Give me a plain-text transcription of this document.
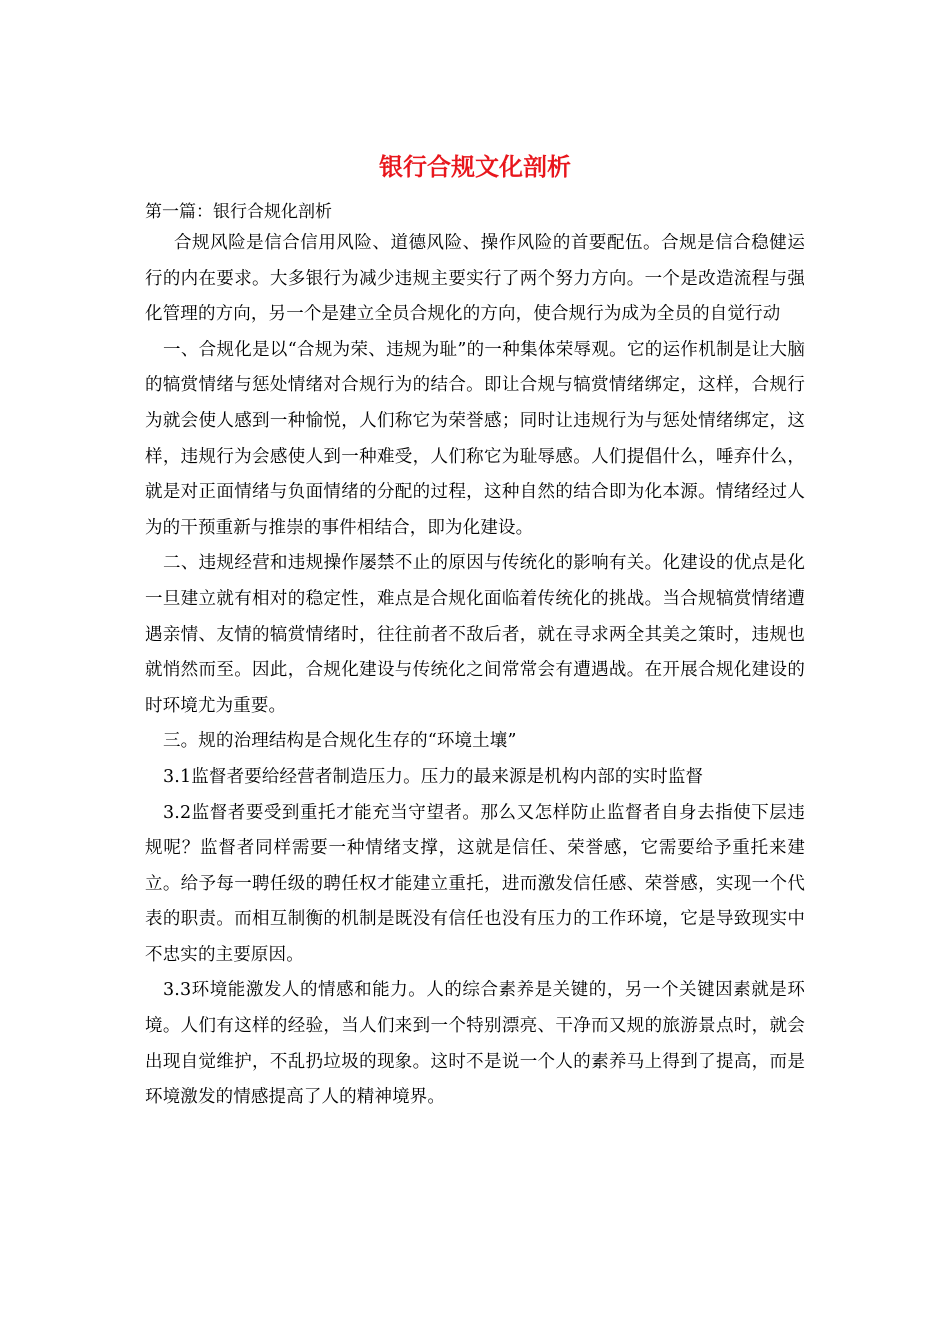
银行合规文化剖析

第一篇：银行合规化剖析

合规风险是信合信用风险、道德风险、操作风险的首要配伍。合规是信合稳健运行的内在要求。大多银行为减少违规主要实行了两个努力方向。一个是改造流程与强化管理的方向，另一个是建立全员合规化的方向，使合规行为成为全员的自觉行动

一、合规化是以“合规为荣、违规为耻”的一种集体荣辱观。它的运作机制是让大脑的犒赏情绪与惩处情绪对合规行为的结合。即让合规与犒赏情绪绑定，这样，合规行为就会使人感到一种愉悦，人们称它为荣誉感；同时让违规行为与惩处情绪绑定，这样，违规行为会感使人到一种难受，人们称它为耻辱感。人们提倡什么，唾弃什么，就是对正面情绪与负面情绪的分配的过程，这种自然的结合即为化本源。情绪经过人为的干预重新与推崇的事件相结合，即为化建设。

二、违规经营和违规操作屡禁不止的原因与传统化的影响有关。化建设的优点是化一旦建立就有相对的稳定性，难点是合规化面临着传统化的挑战。当合规犒赏情绪遭遇亲情、友情的犒赏情绪时，往往前者不敌后者，就在寻求两全其美之策时，违规也就悄然而至。因此，合规化建设与传统化之间常常会有遭遇战。在开展合规化建设的时环境尤为重要。

三。规的治理结构是合规化生存的“环境土壤”

3.1监督者要给经营者制造压力。压力的最来源是机构内部的实时监督

3.2监督者要受到重托才能充当守望者。那么又怎样防止监督者自身去指使下层违规呢？监督者同样需要一种情绪支撑，这就是信任、荣誉感，它需要给予重托来建立。给予每一聘任级的聘任权才能建立重托，进而激发信任感、荣誉感，实现一个代表的职责。而相互制衡的机制是既没有信任也没有压力的工作环境，它是导致现实中不忠实的主要原因。

3.3环境能激发人的情感和能力。人的综合素养是关键的，另一个关键因素就是环境。人们有这样的经验，当人们来到一个特别漂亮、干净而又规的旅游景点时，就会出现自觉维护，不乱扔垃圾的现象。这时不是说一个人的素养马上得到了提高，而是环境激发的情感提高了人的精神境界。
